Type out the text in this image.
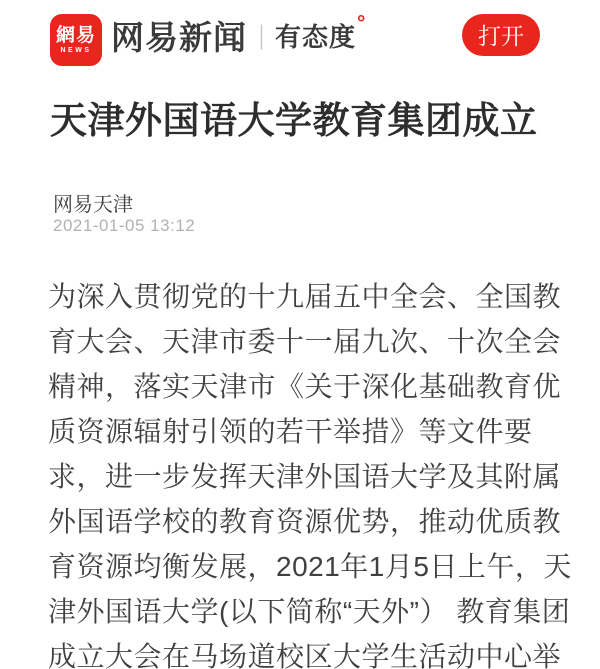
網易
NEWS 网易新闻 | 有态度 °	打开
天津外国语大学教育集团成立
网易天津
2021-01-05 13:12
为深入贯彻党的十九届五中全会、全国教
育大会、天津市委十一届九次、十次全会
精神，落实天津市《关于深化基础教育优
质资源辐射引领的若干举措》等文件要
求，进一步发挥天津外国语大学及其附属
外国语学校的教育资源优势，推动优质教
育资源均衡发展，2021年1月5日上午，天
津外国语大学(以下简称“天外”） 教育集团
成立大会在马场道校区大学生活动中心举
